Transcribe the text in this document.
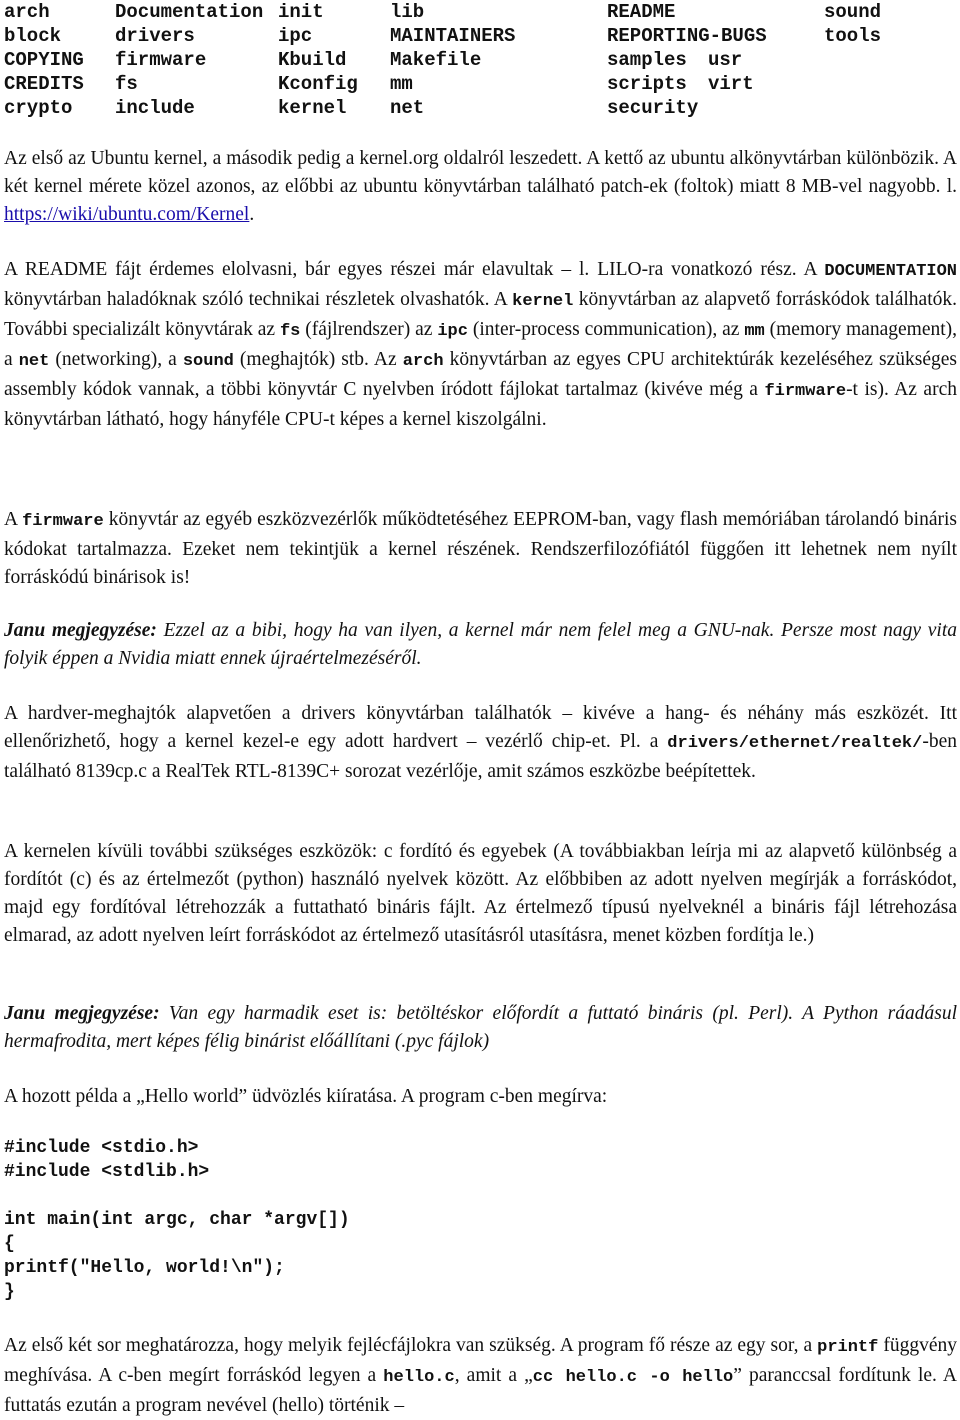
arch	Documentation	init	lib	README		sound
block	drivers	ipc	MAINTAINERS	REPORTING-BUGS		tools
COPYING	firmware	Kbuild	Makefile	samples	usr	
CREDITS	fs	Kconfig	mm	scripts	virt	
crypto	include	kernel	net	security		

Az első az Ubuntu kernel, a második pedig a kernel.org oldalról leszedett. A kettő az ubuntu alkönyvtárban különbözik. A két kernel mérete közel azonos, az előbbi az ubuntu könyvtárban található patch-ek (foltok) miatt 8 MB-vel nagyobb. l. https://wiki/ubuntu.com/Kernel.

A README fájt érdemes elolvasni, bár egyes részei már elavultak – l. LILO-ra vonatkozó rész. A DOCUMENTATION könyvtárban haladóknak szóló technikai részletek olvashatók. A kernel könyvtárban az alapvető forráskódok találhatók. További specializált könyvtárak az fs (fájlrendszer) az ipc (inter-process communication), az mm (memory management), a net (networking), a sound (meghajtók) stb. Az arch könyvtárban az egyes CPU architektúrák kezeléséhez szükséges assembly kódok vannak, a többi könyvtár C nyelvben íródott fájlokat tartalmaz (kivéve még a firmware-t is). Az arch könyvtárban látható, hogy hányféle CPU-t képes a kernel kiszolgálni.

A firmware könyvtár az egyéb eszközvezérlők működtetéséhez EEPROM-ban, vagy flash memóriában tárolandó bináris kódokat tartalmazza. Ezeket nem tekintjük a kernel részének. Rendszerfilozófiától függően itt lehetnek nem nyílt forráskódú binárisok is!

Janu megjegyzése: Ezzel az a bibi, hogy ha van ilyen, a kernel már nem felel meg a GNU-nak. Persze most nagy vita folyik éppen a Nvidia miatt ennek újraértelmezéséről.

A hardver-meghajtók alapvetően a drivers könyvtárban találhatók – kivéve a hang- és néhány más eszközét. Itt ellenőrizhető, hogy a kernel kezel-e egy adott hardvert – vezérlő chip-et. Pl. a drivers/ethernet/realtek/-ben található 8139cp.c a RealTek RTL-8139C+ sorozat vezérlője, amit számos eszközbe beépítettek.

A kernelen kívüli további szükséges eszközök: c fordító és egyebek (A továbbiakban leírja mi az alapvető különbség a fordítót (c) és az értelmezőt (python) használó nyelvek között. Az előbbiben az adott nyelven megírják a forráskódot, majd egy fordítóval létrehozzák a futtatható bináris fájlt. Az értelmező típusú nyelveknél a bináris fájl létrehozása elmarad, az adott nyelven leírt forráskódot az értelmező utasításról utasításra, menet közben fordítja le.)

Janu megjegyzése: Van egy harmadik eset is: betöltéskor előfordít a futtató bináris (pl. Perl). A Python ráadásul hermafrodita, mert képes félig binárist előállítani (.pyc fájlok)

A hozott példa a „Hello world” üdvözlés kiíratása. A program c-ben megírva:

#include <stdio.h>
#include <stdlib.h>
int main(int argc, char *argv[])
{
printf("Hello, world!\n");
}

Az első két sor meghatározza, hogy melyik fejlécfájlokra van szükség. A program fő része az egy sor, a printf függvény meghívása. A c-ben megírt forráskód legyen a hello.c, amit a „cc hello.c -o hello” paranccsal fordítunk le. A futtatás ezután a program nevével (hello) történik –
